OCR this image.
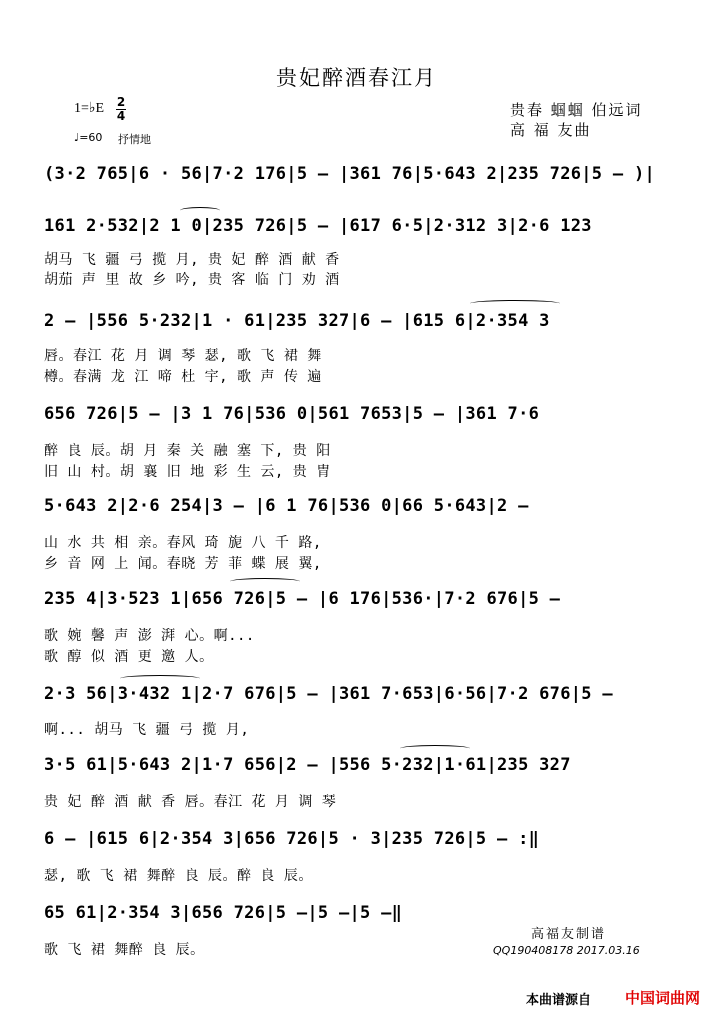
贵妃醉酒春江月
1=♭E 2
4
♩=60 抒情地
贵春 蝈蝈 伯远词
高 福 友曲
(3·2 765|6 · 56|7·2 176|5 – |361 76|5·643 2|235 726|5 – )|
161 2·532|2 1 0|235 726|5 – |617 6·5|2·312 3|2·6 123
胡马 飞 疆 弓 揽 月, 贵 妃 醉 酒 献 香
胡茄 声 里 故 乡 吟, 贵 客 临 门 劝 酒
2 – |556 5·232|1 · 61|235 327|6 – |615 6|2·354 3
唇。春江 花 月 调 琴 瑟, 歌 飞 裙 舞
樽。春满 龙 江 啼 杜 宇, 歌 声 传 遍
656 726|5 – |3 1 76|536 0|561 7653|5 – |361 7·6
醉 良 辰。胡 月 秦 关 融 塞 下, 贵 阳
旧 山 村。胡 襄 旧 地 彩 生 云, 贵 胄
5·643 2|2·6 254|3 – |6 1 76|536 0|66 5·643|2 –
山 水 共 相 亲。春风 琦 旎 八 千 路,
乡 音 网 上 闻。春晓 芳 菲 蝶 展 翼,
235 4|3·523 1|656 726|5 – |6 176|536·|7·2 676|5 –
歌 婉 馨 声 澎 湃 心。啊...
歌 醇 似 酒 更 邀 人。
2·3 56|3·432 1|2·7 676|5 – |361 7·653|6·56|7·2 676|5 –
啊... 胡马 飞 疆 弓 揽 月,
3·5 61|5·643 2|1·7 656|2 – |556 5·232|1·61|235 327
贵 妃 醉 酒 献 香 唇。春江 花 月 调 琴
6 – |615 6|2·354 3|656 726|5 · 3|235 726|5 – :‖
瑟, 歌 飞 裙 舞醉 良 辰。醉 良 辰。
65 61|2·354 3|656 726|5 –|5 –|5 –‖
歌 飞 裙 舞醉 良 辰。
高福友制谱
QQ190408178 2017.03.16
本曲谱源自 中国词曲网
